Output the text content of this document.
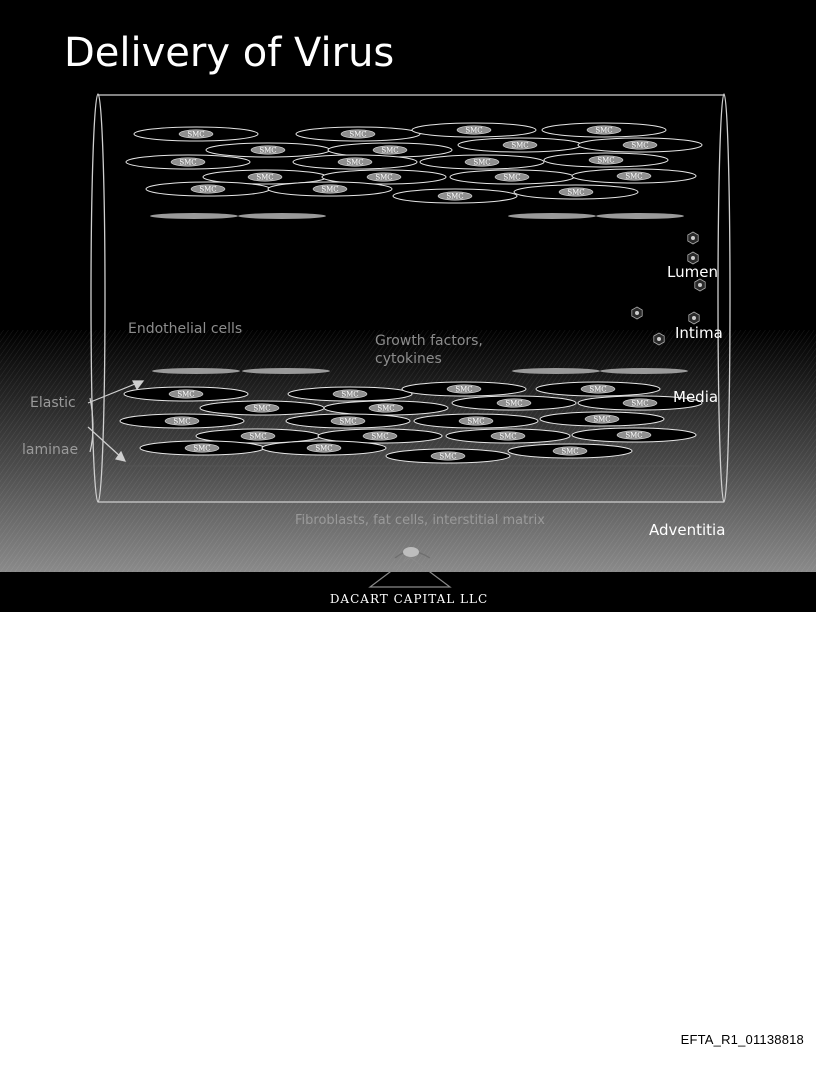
Delivery of Virus
SMC	SMC	SMC	SMC
SMC	SMC
SMC	SMC
SMC	SMC	SMC	SMC
SMC	SMC	SMC	SMC
SMC	SMC
SMC	SMC
SMC	SMC
SMC	SMC
SMC	SMC
SMC	SMC
SMC	SMC	SMC	SMC
SMC	SMC	SMC	SMC
SMC	SMC
SMC
SMC
Endothelial cells
Growth factors,
cytokines
Lumen
Intima
Media
Adventitia
Elastic
laminae
Fibroblasts, fat cells, interstitial matrix
DACART CAPITAL LLC
EFTA_R1_01138818
